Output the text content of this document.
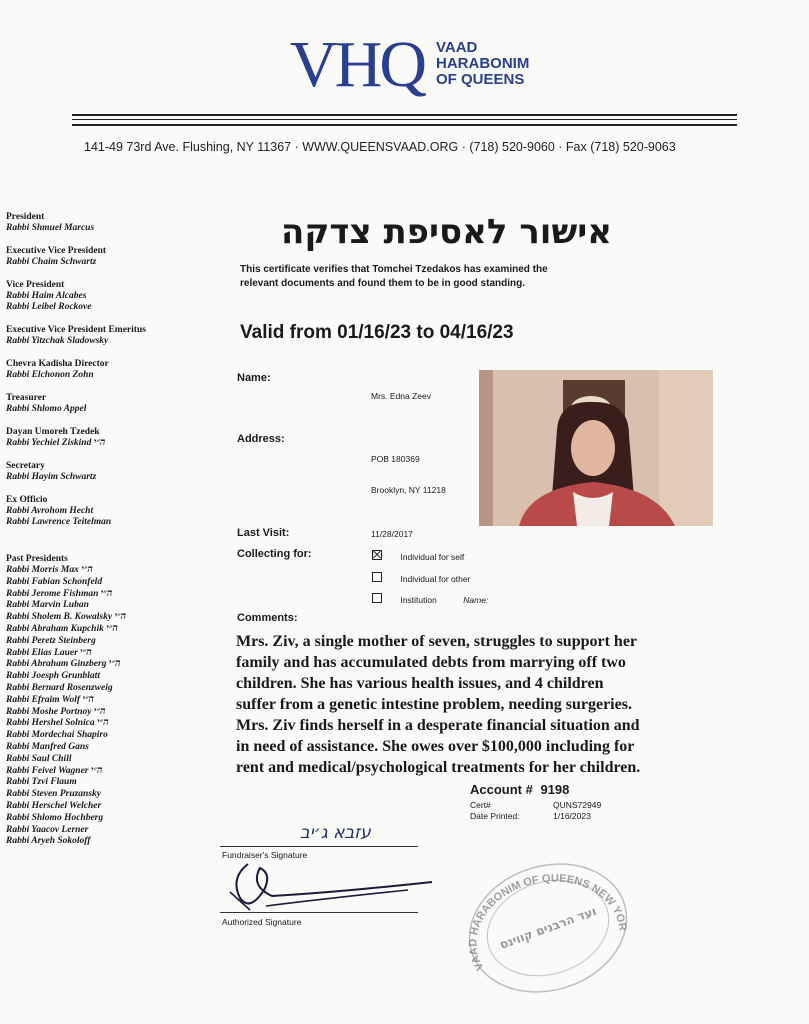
VHQ VAAD
HARABONIM
OF QUEENS
141-49 73rd Ave. Flushing, NY 11367 · WWW.QUEENSVAAD.ORG · (718) 520-9060 · Fax (718) 520-9063
President
Rabbi Shmuel Marcus
Executive Vice President
Rabbi Chaim Schwartz
Vice President
Rabbi Haim Alcabes
Rabbi Leibel Rockove
Executive Vice President Emeritus
Rabbi Yitzchak Sladowsky
Chevra Kadisha Director
Rabbi Elchonon Zohn
Treasurer
Rabbi Shlomo Appel
Dayan Umoreh Tzedek
Rabbi Yechiel Ziskind ה״י
Secretary
Rabbi Hayim Schwartz
Ex Officio
Rabbi Avrohom Hecht
Rabbi Lawrence Teitelman
Past Presidents
Rabbi Morris Max ה״י
Rabbi Fabian Schonfeld
Rabbi Jerome Fishman ה״י
Rabbi Marvin Luban
Rabbi Sholem B. Kowalsky ה״י
Rabbi Abraham Kupchik ה״י
Rabbi Peretz Steinberg
Rabbi Elias Lauer ה״י
Rabbi Abraham Ginzberg ה״י
Rabbi Joesph Grunblatt
Rabbi Bernard Rosenzweig
Rabbi Efraim Wolf ה״י
Rabbi Moshe Portnoy ה״י
Rabbi Hershel Solnica ה״י
Rabbi Mordechai Shapiro
Rabbi Manfred Gans
Rabbi Saul Chill
Rabbi Feivel Wagner ה״י
Rabbi Tzvi Flaum
Rabbi Steven Pruzansky
Rabbi Herschel Welcher
Rabbi Shlomo Hochberg
Rabbi Yaacov Lerner
Rabbi Aryeh Sokoloff
אישור לאסיפת צדקה
This certificate verifies that Tomchei Tzedakos has examined the
relevant documents and found them to be in good standing.
Valid from 01/16/23 to 04/16/23
Name:
Mrs. Edna Zeev
Address:
POB 180369
Brooklyn, NY 11218
Last Visit:	11/28/2017
Collecting for:	Individual for self
Individual for other
Institution	Name:
Comments:
Mrs. Ziv, a single mother of seven, struggles to support her
family and has accumulated debts from marrying off two
children. She has various health issues, and 4 children
suffer from a genetic intestine problem, needing surgeries.
Mrs. Ziv finds herself in a desperate financial situation and
in need of assistance. She owes over $100,000 including for
rent and medical/psychological treatments for her children.
Account # 9198
Cert#	QUNS72949
Date Printed:	1/16/2023
עזבא ג׳יב
Fundraiser's Signature
Authorized Signature
VAAD HARABONIM OF QUEENS NEW YORK
ועד הרבנים קווינס
